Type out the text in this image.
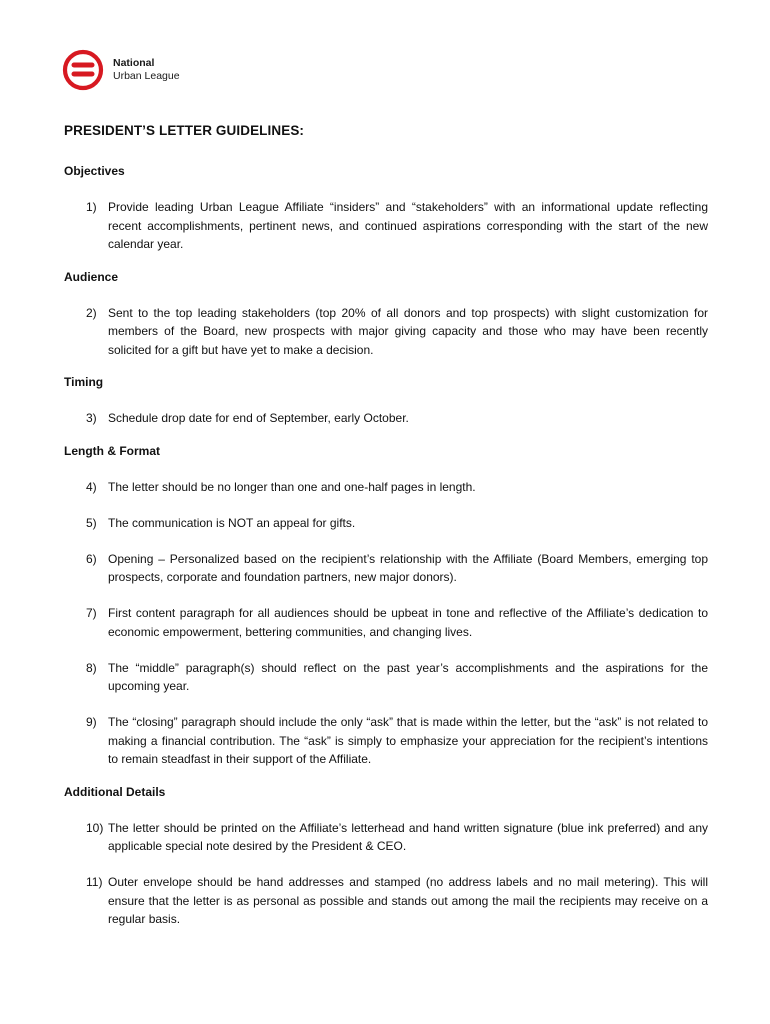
National
Urban League
PRESIDENT’S LETTER GUIDELINES:
Objectives
1) Provide leading Urban League Affiliate “insiders” and “stakeholders” with an informational update reflecting recent accomplishments, pertinent news, and continued aspirations corresponding with the start of the new calendar year.
Audience
2) Sent to the top leading stakeholders (top 20% of all donors and top prospects) with slight customization for members of the Board, new prospects with major giving capacity and those who may have been recently solicited for a gift but have yet to make a decision.
Timing
3) Schedule drop date for end of September, early October.
Length & Format
4) The letter should be no longer than one and one-half pages in length.
5) The communication is NOT an appeal for gifts.
6) Opening – Personalized based on the recipient’s relationship with the Affiliate (Board Members, emerging top prospects, corporate and foundation partners, new major donors).
7) First content paragraph for all audiences should be upbeat in tone and reflective of the Affiliate’s dedication to economic empowerment, bettering communities, and changing lives.
8) The “middle” paragraph(s) should reflect on the past year’s accomplishments and the aspirations for the upcoming year.
9) The “closing” paragraph should include the only “ask” that is made within the letter, but the “ask” is not related to making a financial contribution. The “ask” is simply to emphasize your appreciation for the recipient’s intentions to remain steadfast in their support of the Affiliate.
Additional Details
10) The letter should be printed on the Affiliate’s letterhead and hand written signature (blue ink preferred) and any applicable special note desired by the President & CEO.
11) Outer envelope should be hand addresses and stamped (no address labels and no mail metering). This will ensure that the letter is as personal as possible and stands out among the mail the recipients may receive on a regular basis.
